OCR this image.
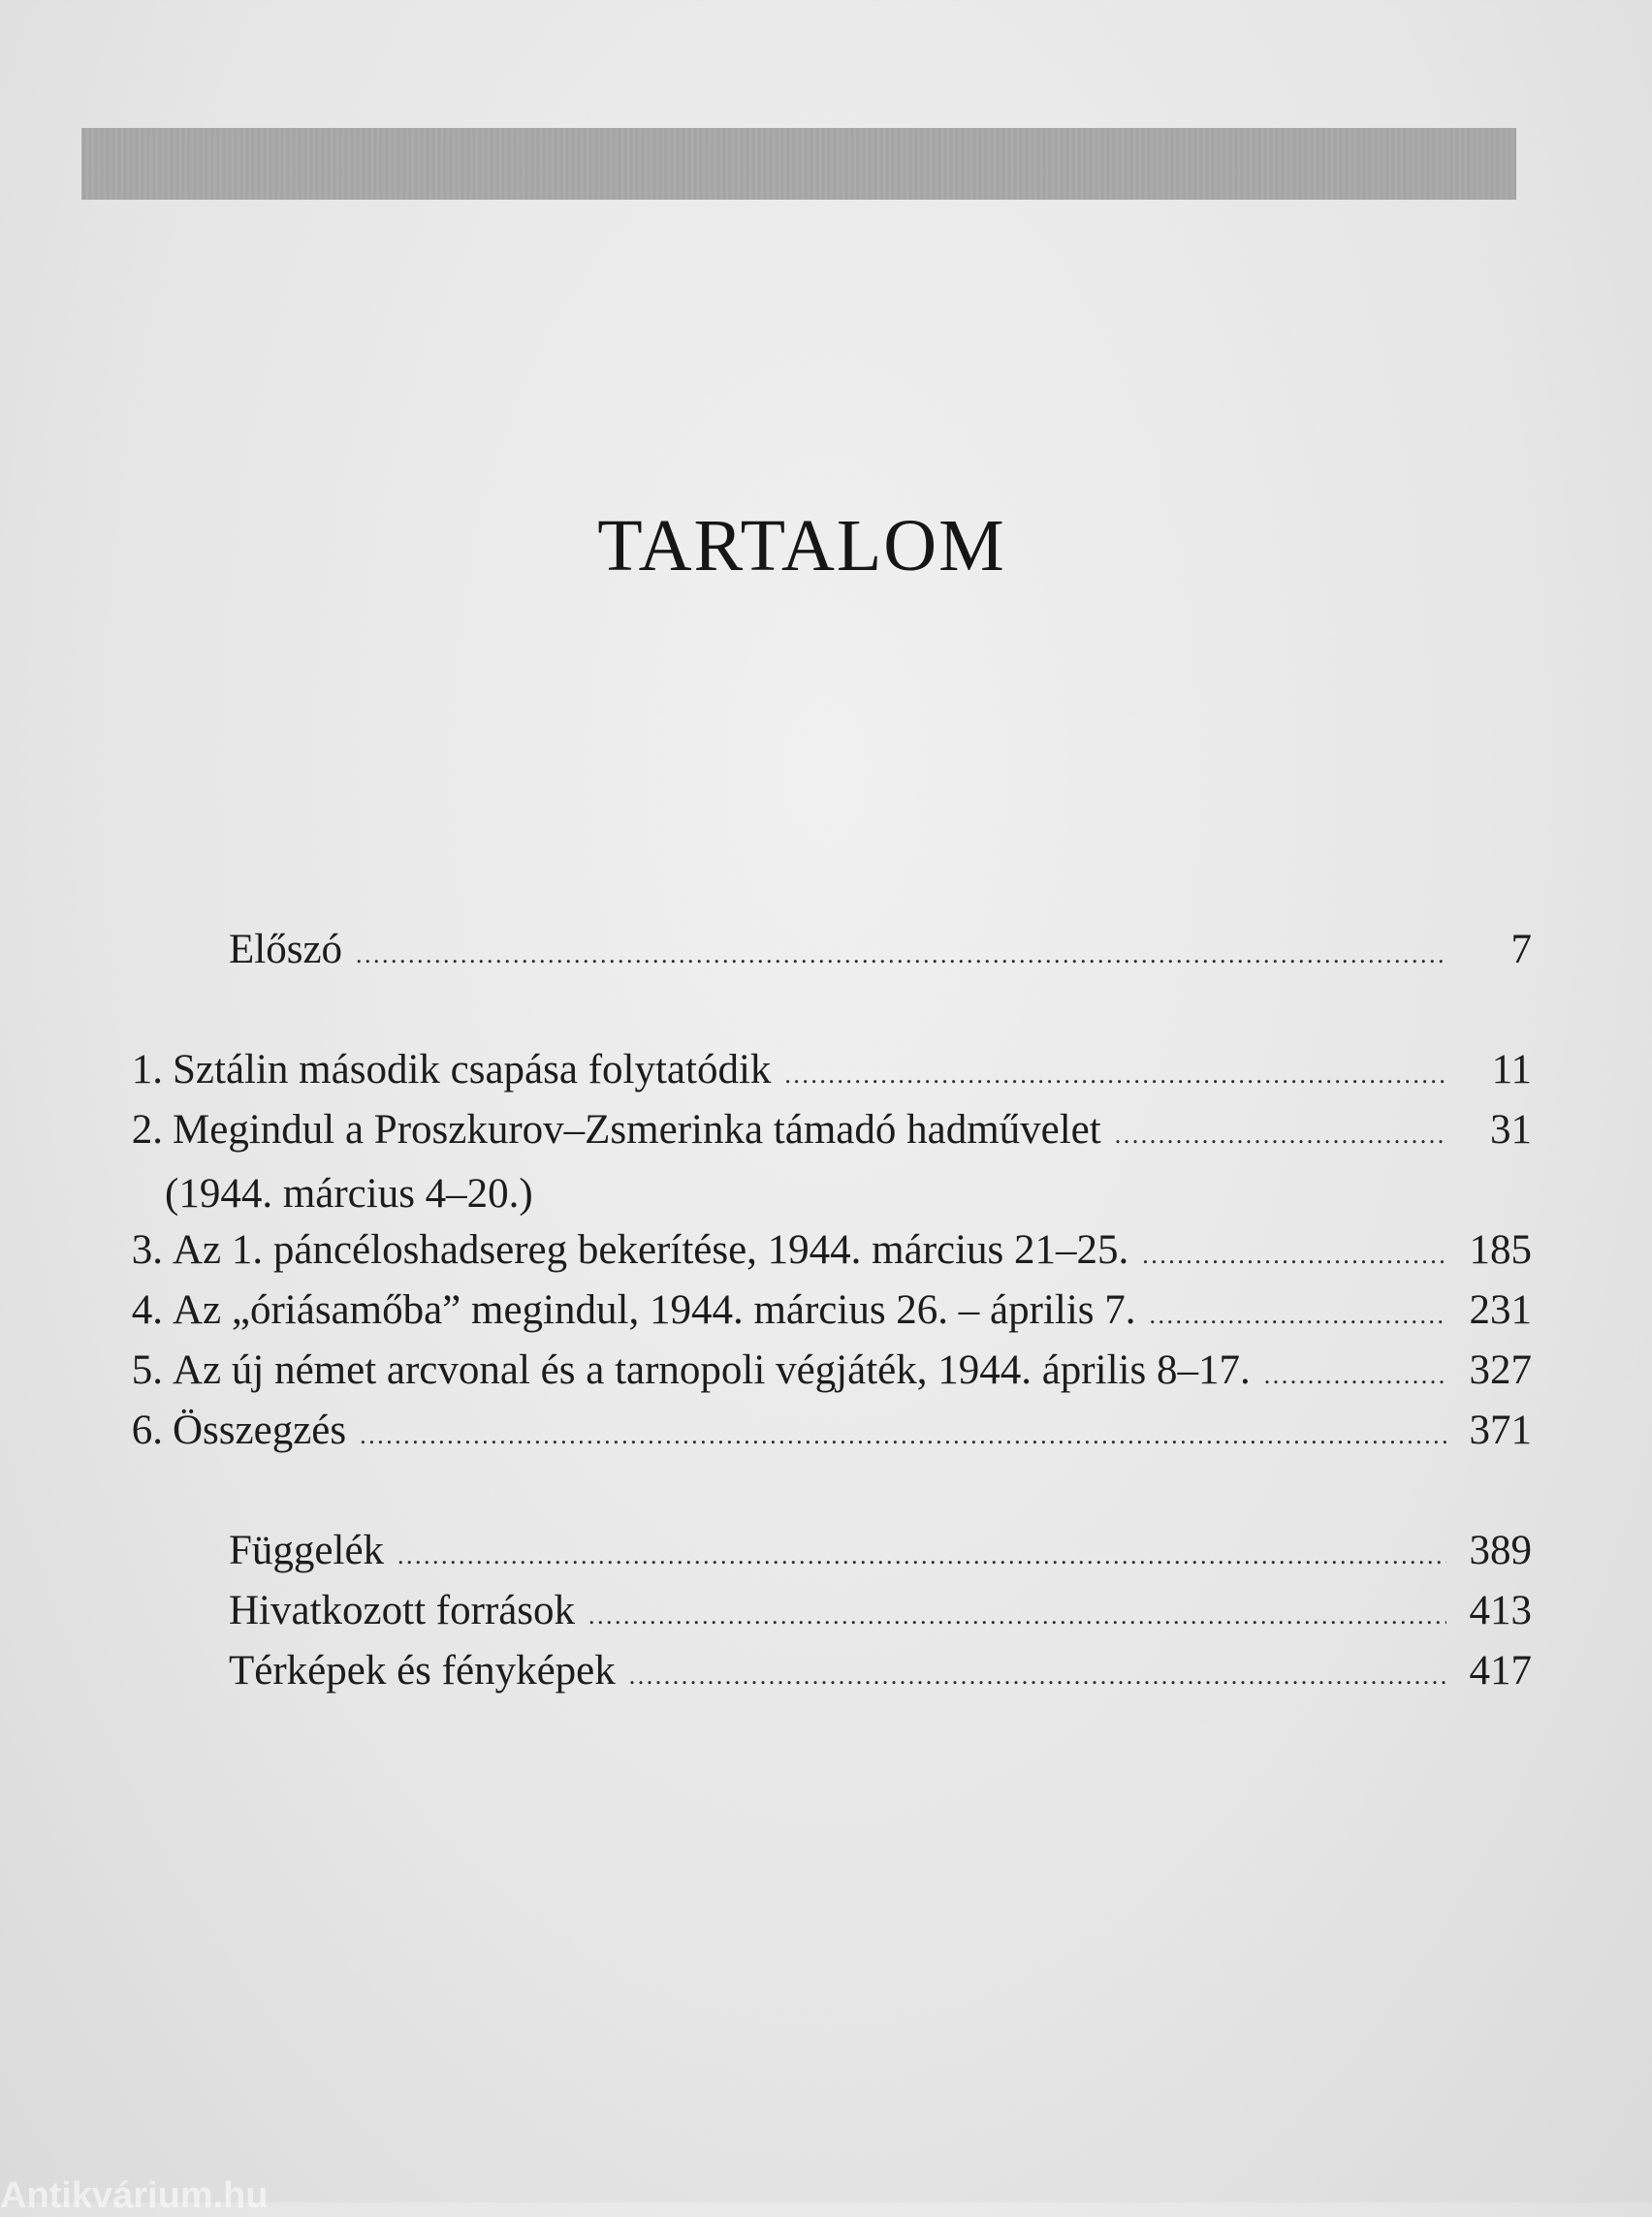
TARTALOM
Előszó . . .	7
1. Sztálin második csapása folytatódik . . .	11
2. Megindul a Proszkurov–Zsmerinka támadó hadművelet . . .	31
(1944. március 4–20.)
3. Az 1. páncéloshadsereg bekerítése, 1944. március 21–25. . . .	185
4. Az „óriásamőba” megindul, 1944. március 26. – április 7. . . .	231
5. Az új német arcvonal és a tarnopoli végjáték, 1944. április 8–17. . . .	327
6. Összegzés . . .	371
Függelék . . .	389
Hivatkozott források . . .	413
Térképek és fényképek . . .	417
Antikvárium.hu
